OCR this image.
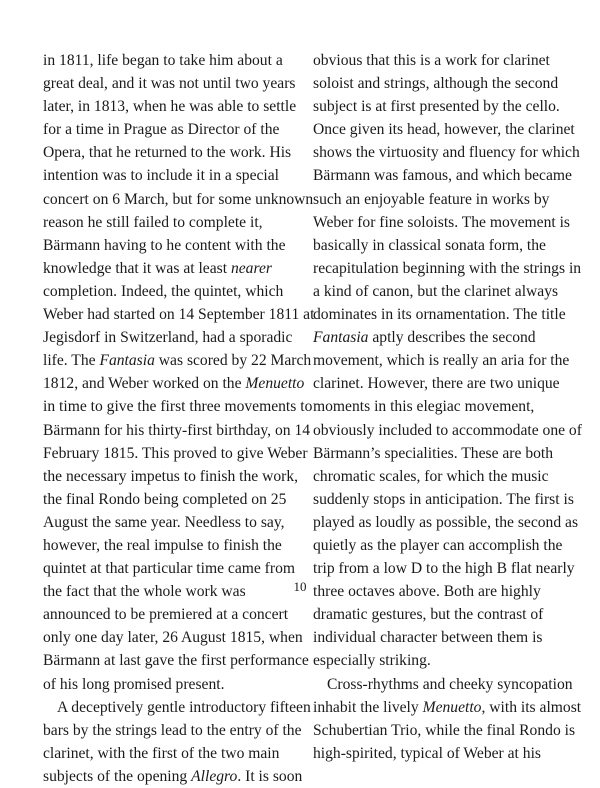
in 1811, life began to take him about a great deal, and it was not until two years later, in 1813, when he was able to settle for a time in Prague as Director of the Opera, that he returned to the work. His intention was to include it in a special concert on 6 March, but for some unknown reason he still failed to complete it, Bärmann having to he content with the knowledge that it was at least nearer completion. Indeed, the quintet, which Weber had started on 14 September 1811 at Jegisdorf in Switzerland, had a sporadic life. The Fantasia was scored by 22 March 1812, and Weber worked on the Menuetto in time to give the first three movements to Bärmann for his thirty-first birthday, on 14 February 1815. This proved to give Weber the necessary impetus to finish the work, the final Rondo being completed on 25 August the same year. Needless to say, however, the real impulse to finish the quintet at that particular time came from the fact that the whole work was announced to be premiered at a concert only one day later, 26 August 1815, when Bärmann at last gave the first performance of his long promised present.

A deceptively gentle introductory fifteen bars by the strings lead to the entry of the clarinet, with the first of the two main subjects of the opening Allegro. It is soon

obvious that this is a work for clarinet soloist and strings, although the second subject is at first presented by the cello. Once given its head, however, the clarinet shows the virtuosity and fluency for which Bärmann was famous, and which became such an enjoyable feature in works by Weber for fine soloists. The movement is basically in classical sonata form, the recapitulation beginning with the strings in a kind of canon, but the clarinet always dominates in its ornamentation. The title Fantasia aptly describes the second movement, which is really an aria for the clarinet. However, there are two unique moments in this elegiac movement, obviously included to accommodate one of Bärmann’s specialities. These are both chromatic scales, for which the music suddenly stops in anticipation. The first is played as loudly as possible, the second as quietly as the player can accomplish the trip from a low D to the high B flat nearly three octaves above. Both are highly dramatic gestures, but the contrast of individual character between them is especially striking.

Cross-rhythms and cheeky syncopation inhabit the lively Menuetto, with its almost Schubertian Trio, while the final Rondo is high-spirited, typical of Weber at his

10
